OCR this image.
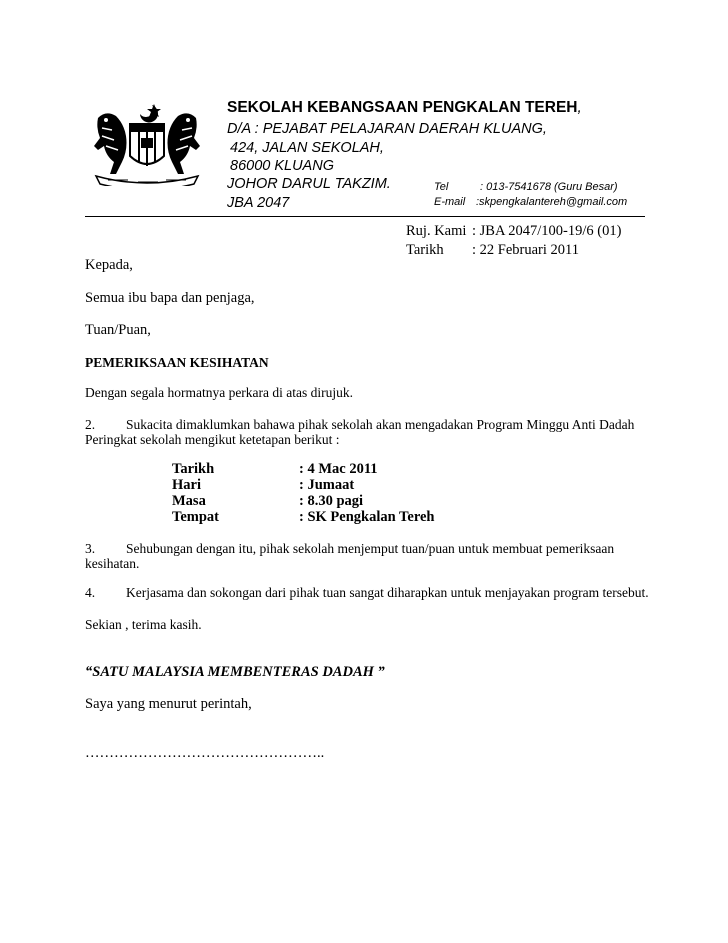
SEKOLAH KEBANGSAAN PENGKALAN TEREH,
D/A : PEJABAT PELAJARAN DAERAH KLUANG,
424, JALAN SEKOLAH,
86000 KLUANG
JOHOR DARUL TAKZIM.
JBA 2047
Tel	: 013-7541678 (Guru Besar)
E-mail :skpengkalantereh@gmail.com
Ruj. Kami : JBA 2047/100-19/6 (01)
Tarikh : 22 Februari 2011
Kepada,
Semua ibu bapa dan penjaga,
Tuan/Puan,
PEMERIKSAAN KESIHATAN
Dengan segala hormatnya perkara di atas dirujuk.
2. Sukacita dimaklumkan bahawa pihak sekolah akan mengadakan Program Minggu Anti Dadah
Peringkat sekolah mengikut ketetapan berikut :
Tarikh	: 4 Mac 2011
Hari	: Jumaat
Masa	: 8.30 pagi
Tempat	: SK Pengkalan Tereh
3. Sehubungan dengan itu, pihak sekolah menjemput tuan/puan untuk membuat pemeriksaan
kesihatan.
4. Kerjasama dan sokongan dari pihak tuan sangat diharapkan untuk menjayakan program tersebut.
Sekian , terima kasih.
“SATU MALAYSIA MEMBENTERAS DADAH ”
Saya yang menurut perintah,
…………………………………………..
